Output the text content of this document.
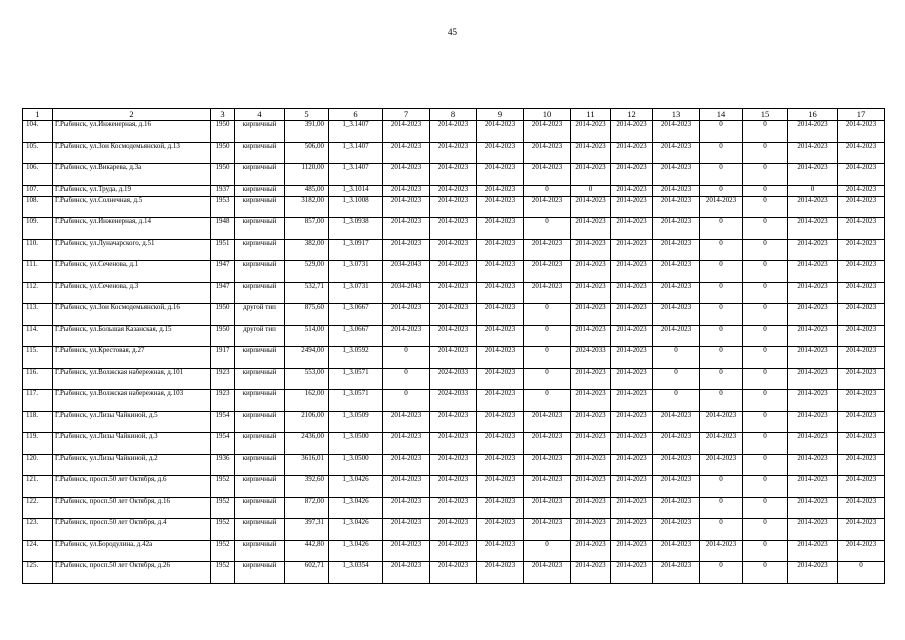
45
1	2	3	4	5	6	7	8	9	10	11	12	13	14	15	16	17
104.	Г.Рыбинск, ул.Инженерная, д.16	1950	кирпичный	391,00	1_3.1407	2014-2023	2014-2023	2014-2023	2014-2023	2014-2023	2014-2023	2014-2023	0	0	2014-2023	2014-2023
105.	Г.Рыбинск, ул.Зои Космодемьянской, д.13	1950	кирпичный	506,00	1_3.1407	2014-2023	2014-2023	2014-2023	2014-2023	2014-2023	2014-2023	2014-2023	0	0	2014-2023	2014-2023
106.	Г.Рыбинск, ул.Викарева, д.3а	1950	кирпичный	1120,00	1_3.1407	2014-2023	2014-2023	2014-2023	2014-2023	2014-2023	2014-2023	2014-2023	0	0	2014-2023	2014-2023
107.	Г.Рыбинск, ул.Труда, д.19	1937	кирпичный	485,00	1_3.1014	2014-2023	2014-2023	2014-2023	0	0	2014-2023	2014-2023	0	0	0	2014-2023
108.	Г.Рыбинск, ул.Солнечная, д.5	1953	кирпичный	3182,00	1_3.1008	2014-2023	2014-2023	2014-2023	2014-2023	2014-2023	2014-2023	2014-2023	2014-2023	0	2014-2023	2014-2023
109.	Г.Рыбинск, ул.Инженерная, д.14	1948	кирпичный	857,00	1_3.0938	2014-2023	2014-2023	2014-2023	0	2014-2023	2014-2023	2014-2023	0	0	2014-2023	2014-2023
110.	Г.Рыбинск, ул.Луначарского, д.51	1951	кирпичный	382,00	1_3.0917	2014-2023	2014-2023	2014-2023	2014-2023	2014-2023	2014-2023	2014-2023	0	0	2014-2023	2014-2023
111.	Г.Рыбинск, ул.Сеченова, д.1	1947	кирпичный	529,00	1_3.0731	2034-2043	2014-2023	2014-2023	2014-2023	2014-2023	2014-2023	2014-2023	0	0	2014-2023	2014-2023
112.	Г.Рыбинск, ул.Сеченова, д.3	1947	кирпичный	532,71	1_3.0731	2034-2043	2014-2023	2014-2023	2014-2023	2014-2023	2014-2023	2014-2023	0	0	2014-2023	2014-2023
113.	Г.Рыбинск, ул.Зои Космодемьянской, д.16	1950	другой тип	875,60	1_3.0667	2014-2023	2014-2023	2014-2023	0	2014-2023	2014-2023	2014-2023	0	0	2014-2023	2014-2023
114.	Г.Рыбинск, ул.Большая Казанская, д.15	1950	другой тип	514,00	1_3.0667	2014-2023	2014-2023	2014-2023	0	2014-2023	2014-2023	2014-2023	0	0	2014-2023	2014-2023
115.	Г.Рыбинск, ул.Крестовая, д.27	1917	кирпичный	2494,00	1_3.0592	0	2014-2023	2014-2023	0	2024-2033	2014-2023	0	0	0	2014-2023	2014-2023
116.	Г.Рыбинск, ул.Волжская набережная, д.101	1923	кирпичный	553,00	1_3.0571	0	2024-2033	2014-2023	0	2014-2023	2014-2023	0	0	0	2014-2023	2014-2023
117.	Г.Рыбинск, ул.Волжская набережная, д.103	1923	кирпичный	162,00	1_3.0571	0	2024-2033	2014-2023	0	2014-2023	2014-2023	0	0	0	2014-2023	2014-2023
118.	Г.Рыбинск, ул.Лизы Чайкиной, д.5	1954	кирпичный	2106,00	1_3.0509	2014-2023	2014-2023	2014-2023	2014-2023	2014-2023	2014-2023	2014-2023	2014-2023	0	2014-2023	2014-2023
119.	Г.Рыбинск, ул.Лизы Чайкиной, д.3	1954	кирпичный	2436,00	1_3.0500	2014-2023	2014-2023	2014-2023	2014-2023	2014-2023	2014-2023	2014-2023	2014-2023	0	2014-2023	2014-2023
120.	Г.Рыбинск, ул.Лизы Чайкиной, д.2	1936	кирпичный	3616,01	1_3.0500	2014-2023	2014-2023	2014-2023	2014-2023	2014-2023	2014-2023	2014-2023	2014-2023	0	2014-2023	2014-2023
121.	Г.Рыбинск, просп.50 лет Октября, д.6	1952	кирпичный	392,60	1_3.0426	2014-2023	2014-2023	2014-2023	2014-2023	2014-2023	2014-2023	2014-2023	0	0	2014-2023	2014-2023
122.	Г.Рыбинск, просп.50 лет Октября, д.16	1952	кирпичный	872,00	1_3.0426	2014-2023	2014-2023	2014-2023	2014-2023	2014-2023	2014-2023	2014-2023	0	0	2014-2023	2014-2023
123.	Г.Рыбинск, просп.50 лет Октября, д.4	1952	кирпичный	397,31	1_3.0426	2014-2023	2014-2023	2014-2023	2014-2023	2014-2023	2014-2023	2014-2023	0	0	2014-2023	2014-2023
124.	Г.Рыбинск, ул.Бородулина, д.42а	1952	кирпичный	442,80	1_3.0426	2014-2023	2014-2023	2014-2023	0	2014-2023	2014-2023	2014-2023	2014-2023	0	2014-2023	2014-2023
125.	Г.Рыбинск, просп.50 лет Октября, д.26	1952	кирпичный	602,71	1_3.0354	2014-2023	2014-2023	2014-2023	2014-2023	2014-2023	2014-2023	2014-2023	0	0	2014-2023	0
